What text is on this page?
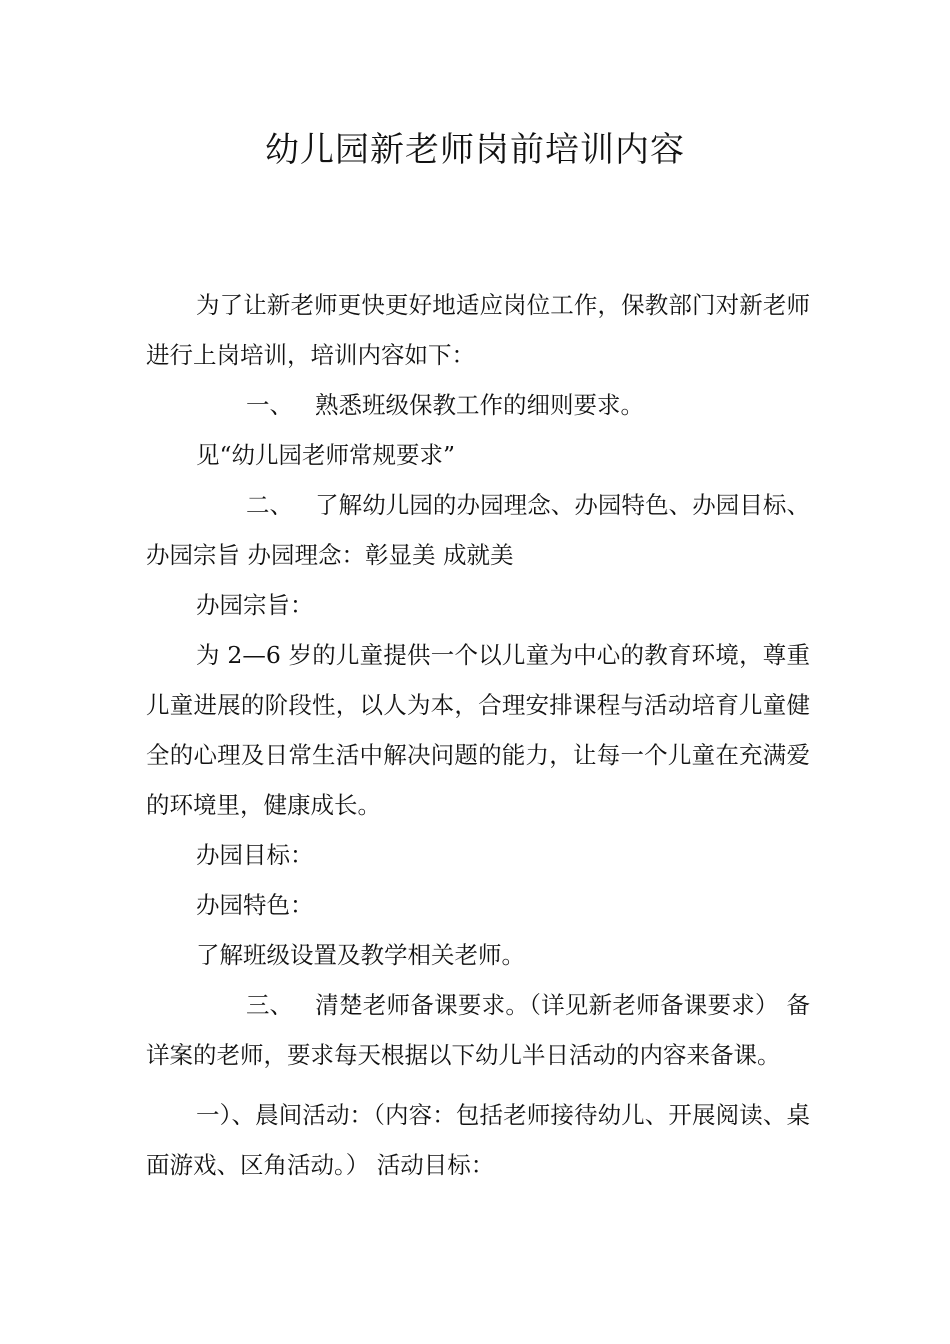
幼儿园新老师岗前培训内容

为了让新老师更快更好地适应岗位工作，保教部门对新老师进行上岗培训，培训内容如下：

一、 熟悉班级保教工作的细则要求。

见“幼儿园老师常规要求”

二、 了解幼儿园的办园理念、办园特色、办园目标、办园宗旨 办园理念：彰显美 成就美

办园宗旨：

为 2—6 岁的儿童提供一个以儿童为中心的教育环境，尊重儿童进展的阶段性，以人为本，合理安排课程与活动培育儿童健全的心理及日常生活中解决问题的能力，让每一个儿童在充满爱的环境里，健康成长。

办园目标：

办园特色：

了解班级设置及教学相关老师。

三、 清楚老师备课要求。（详见新老师备课要求） 备详案的老师，要求每天根据以下幼儿半日活动的内容来备课。

一）、晨间活动：（内容：包括老师接待幼儿、开展阅读、桌面游戏、区角活动。） 活动目标：
